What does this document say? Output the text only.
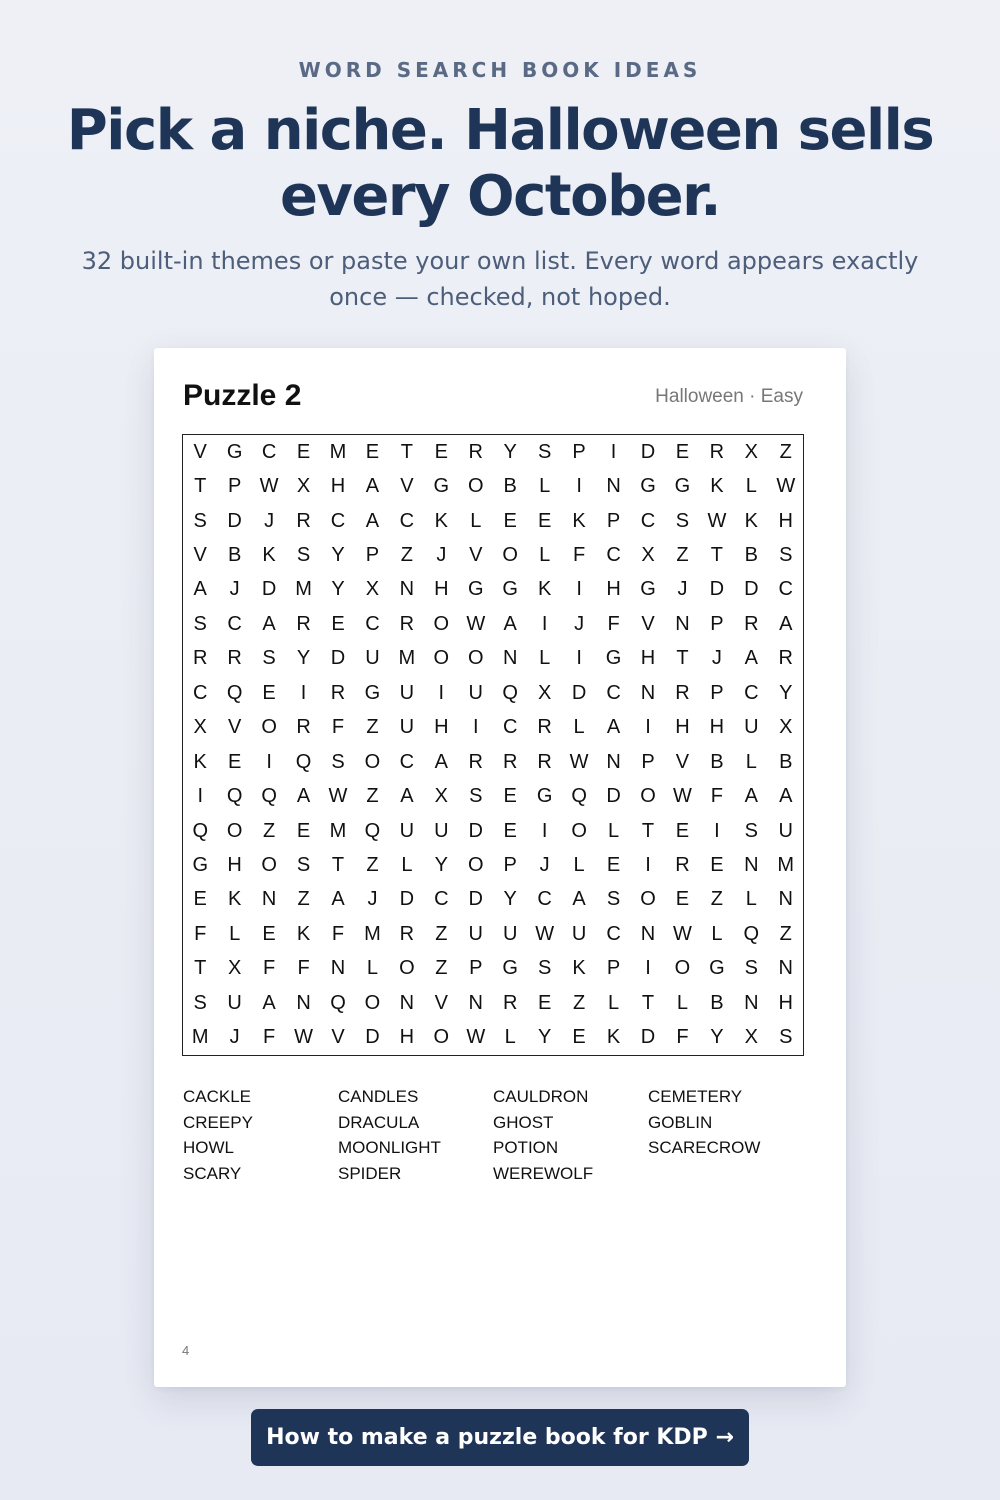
WORD SEARCH BOOK IDEAS
Pick a niche. Halloween sells every October.

32 built-in themes or paste your own list. Every word appears exactly once — checked, not hoped.

Puzzle 2	Halloween · Easy
V G C	E M E	T	E	R	Y	S	P	I	D	E	R	X	Z
T	P W X	H	A	V	G O B	L	I	N G G K	L W
S	D	J	R	C	A	C	K	L	E	E	K	P	C	S W K	H
V	B	K	S	Y	P	Z	J	V O	L	F	C	X	Z	T	B	S
A	J	D M Y	X	N H G G	K	I	H G	J	D D C
S	C	A	R	E	C	R O W A	I	J	F	V	N	P	R	A
R R	S	Y	D U M O O N	L	I	G H	T	J	A	R
C Q E	I	R G U	I	U Q	X	D C	N R	P	C	Y
X	V O R	F	Z	U H	I	C R	L	A	I	H	H U	X
K	E	I	Q S	O C	A	R	R R W N	P	V	B	L	B
I	Q Q	A W Z	A	X	S	E	G Q D O W F	A	A
Q O	Z	E M Q U U D	E	I	O	L	T	E	I	S	U
G H O	S	T	Z	L	Y O P	J	L	E	I	R	E	N M
E	K	N	Z	A	J	D C D	Y	C	A	S O	E	Z	L	N
F	L	E	K	F	M R	Z	U	U W U C	N W L	Q	Z
T	X	F	F	N	L	O	Z	P G	S	K	P	I	O G	S	N
S	U	A	N Q O N	V	N	R	E	Z	L	T	L	B	N H
M	J	F W V	D	H O W L	Y	E	K	D	F	Y	X	S
CACKLE	CANDLES	CAULDRON	CEMETERY
CREEPY	DRACULA	GHOST	GOBLIN
HOWL	MOONLIGHT	POTION	SCARECROW
SCARY	SPIDER	WEREWOLF
4
How to make a puzzle book for KDP →
